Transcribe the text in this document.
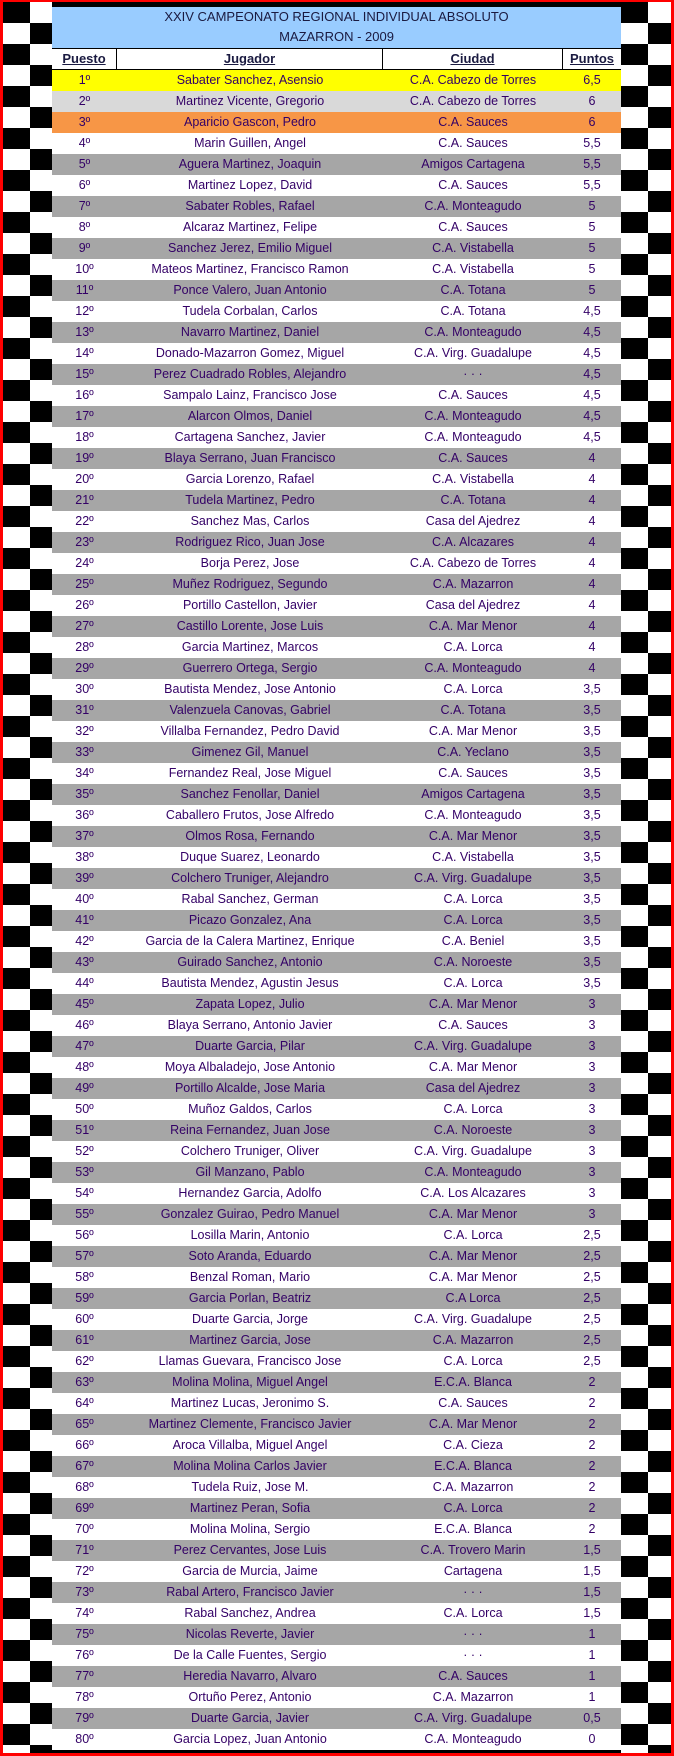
XXIV CAMPEONATO REGIONAL INDIVIDUAL ABSOLUTO
MAZARRON - 2009
Puesto	Jugador	Ciudad	Puntos
1º	Sabater Sanchez, Asensio	C.A. Cabezo de Torres	6,5
2º	Martinez Vicente, Gregorio	C.A. Cabezo de Torres	6
3º	Aparicio Gascon, Pedro	C.A. Sauces	6
4º	Marin Guillen, Angel	C.A. Sauces	5,5
5º	Aguera Martinez, Joaquin	Amigos Cartagena	5,5
6º	Martinez Lopez, David	C.A. Sauces	5,5
7º	Sabater Robles, Rafael	C.A. Monteagudo	5
8º	Alcaraz Martinez, Felipe	C.A. Sauces	5
9º	Sanchez Jerez, Emilio Miguel	C.A. Vistabella	5
10º	Mateos Martinez, Francisco Ramon	C.A. Vistabella	5
11º	Ponce Valero, Juan Antonio	C.A. Totana	5
12º	Tudela Corbalan, Carlos	C.A. Totana	4,5
13º	Navarro Martinez, Daniel	C.A. Monteagudo	4,5
14º	Donado-Mazarron Gomez, Miguel	C.A. Virg. Guadalupe	4,5
15º	Perez Cuadrado Robles, Alejandro	· · ·	4,5
16º	Sampalo Lainz, Francisco Jose	C.A. Sauces	4,5
17º	Alarcon Olmos, Daniel	C.A. Monteagudo	4,5
18º	Cartagena Sanchez, Javier	C.A. Monteagudo	4,5
19º	Blaya Serrano, Juan Francisco	C.A. Sauces	4
20º	Garcia Lorenzo, Rafael	C.A. Vistabella	4
21º	Tudela Martinez, Pedro	C.A. Totana	4
22º	Sanchez Mas, Carlos	Casa del Ajedrez	4
23º	Rodriguez Rico, Juan Jose	C.A. Alcazares	4
24º	Borja Perez, Jose	C.A. Cabezo de Torres	4
25º	Muñez Rodriguez, Segundo	C.A. Mazarron	4
26º	Portillo Castellon, Javier	Casa del Ajedrez	4
27º	Castillo Lorente, Jose Luis	C.A. Mar Menor	4
28º	Garcia Martinez, Marcos	C.A. Lorca	4
29º	Guerrero Ortega, Sergio	C.A. Monteagudo	4
30º	Bautista Mendez, Jose Antonio	C.A. Lorca	3,5
31º	Valenzuela Canovas, Gabriel	C.A. Totana	3,5
32º	Villalba Fernandez, Pedro David	C.A. Mar Menor	3,5
33º	Gimenez Gil, Manuel	C.A. Yeclano	3,5
34º	Fernandez Real, Jose Miguel	C.A. Sauces	3,5
35º	Sanchez Fenollar, Daniel	Amigos Cartagena	3,5
36º	Caballero Frutos, Jose Alfredo	C.A. Monteagudo	3,5
37º	Olmos Rosa, Fernando	C.A. Mar Menor	3,5
38º	Duque Suarez, Leonardo	C.A. Vistabella	3,5
39º	Colchero Truniger, Alejandro	C.A. Virg. Guadalupe	3,5
40º	Rabal Sanchez, German	C.A. Lorca	3,5
41º	Picazo Gonzalez, Ana	C.A. Lorca	3,5
42º	Garcia de la Calera Martinez, Enrique	C.A. Beniel	3,5
43º	Guirado Sanchez, Antonio	C.A. Noroeste	3,5
44º	Bautista Mendez, Agustin Jesus	C.A. Lorca	3,5
45º	Zapata Lopez, Julio	C.A. Mar Menor	3
46º	Blaya Serrano, Antonio Javier	C.A. Sauces	3
47º	Duarte Garcia, Pilar	C.A. Virg. Guadalupe	3
48º	Moya Albaladejo, Jose Antonio	C.A. Mar Menor	3
49º	Portillo Alcalde, Jose Maria	Casa del Ajedrez	3
50º	Muñoz Galdos, Carlos	C.A. Lorca	3
51º	Reina Fernandez, Juan Jose	C.A. Noroeste	3
52º	Colchero Truniger, Oliver	C.A. Virg. Guadalupe	3
53º	Gil Manzano, Pablo	C.A. Monteagudo	3
54º	Hernandez Garcia, Adolfo	C.A. Los Alcazares	3
55º	Gonzalez Guirao, Pedro Manuel	C.A. Mar Menor	3
56º	Losilla Marin, Antonio	C.A. Lorca	2,5
57º	Soto Aranda, Eduardo	C.A. Mar Menor	2,5
58º	Benzal Roman, Mario	C.A. Mar Menor	2,5
59º	Garcia Porlan, Beatriz	C.A Lorca	2,5
60º	Duarte Garcia, Jorge	C.A. Virg. Guadalupe	2,5
61º	Martinez Garcia, Jose	C.A. Mazarron	2,5
62º	Llamas Guevara, Francisco Jose	C.A. Lorca	2,5
63º	Molina Molina, Miguel Angel	E.C.A. Blanca	2
64º	Martinez Lucas, Jeronimo S.	C.A. Sauces	2
65º	Martinez Clemente, Francisco Javier	C.A. Mar Menor	2
66º	Aroca Villalba, Miguel Angel	C.A. Cieza	2
67º	Molina Molina Carlos Javier	E.C.A. Blanca	2
68º	Tudela Ruiz, Jose M.	C.A. Mazarron	2
69º	Martinez Peran, Sofia	C.A. Lorca	2
70º	Molina Molina, Sergio	E.C.A. Blanca	2
71º	Perez Cervantes, Jose Luis	C.A. Trovero Marin	1,5
72º	Garcia de Murcia, Jaime	Cartagena	1,5
73º	Rabal Artero, Francisco Javier	· · ·	1,5
74º	Rabal Sanchez, Andrea	C.A. Lorca	1,5
75º	Nicolas Reverte, Javier	· · ·	1
76º	De la Calle Fuentes, Sergio	· · ·	1
77º	Heredia Navarro, Alvaro	C.A. Sauces	1
78º	Ortuño Perez, Antonio	C.A. Mazarron	1
79º	Duarte Garcia, Javier	C.A. Virg. Guadalupe	0,5
80º	Garcia Lopez, Juan Antonio	C.A. Monteagudo	0
